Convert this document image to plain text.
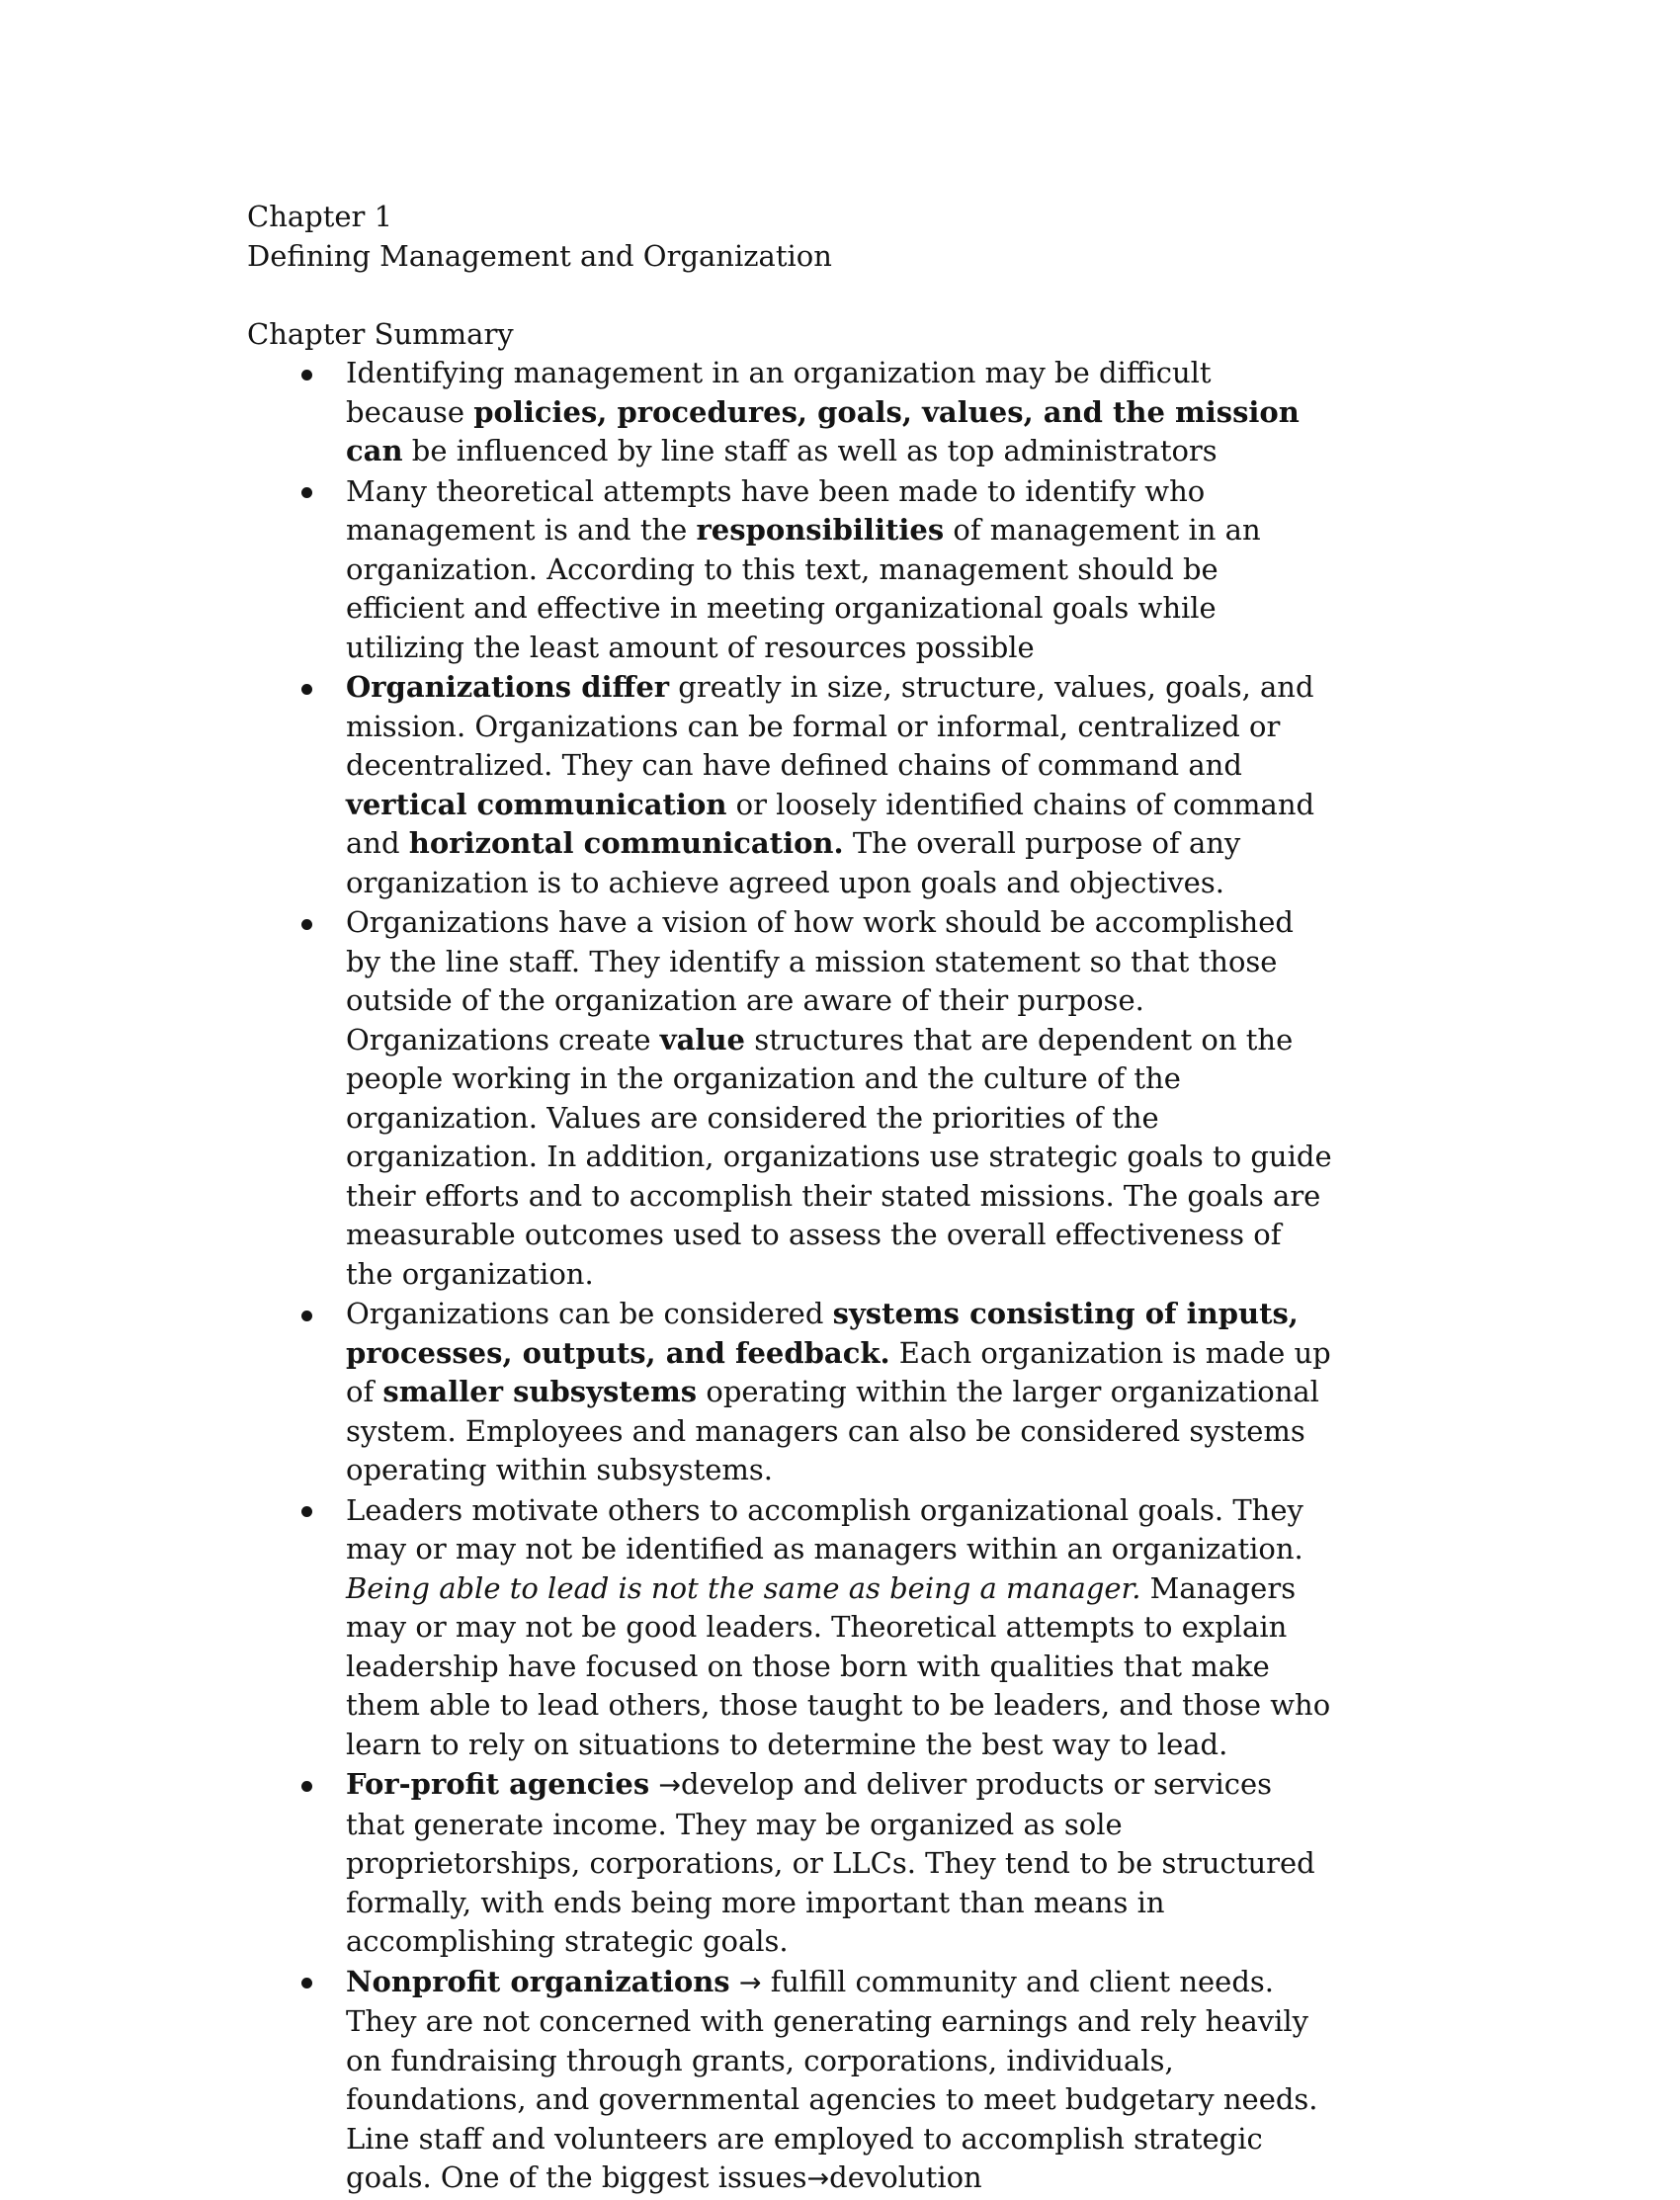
Chapter 1

Defining Management and Organization

Chapter Summary

Identifying management in an organization may be difficult because policies, procedures, goals, values, and the mission can be influenced by line staff as well as top administrators
Many theoretical attempts have been made to identify who management is and the responsibilities of management in an organization. According to this text, management should be efficient and effective in meeting organizational goals while utilizing the least amount of resources possible
Organizations differ greatly in size, structure, values, goals, and mission. Organizations can be formal or informal, centralized or decentralized. They can have defined chains of command and vertical communication or loosely identified chains of command and horizontal communication. The overall purpose of any organization is to achieve agreed upon goals and objectives.
Organizations have a vision of how work should be accomplished by the line staff. They identify a mission statement so that those outside of the organization are aware of their purpose. Organizations create value structures that are dependent on the people working in the organization and the culture of the organization. Values are considered the priorities of the organization. In addition, organizations use strategic goals to guide their efforts and to accomplish their stated missions. The goals are measurable outcomes used to assess the overall effectiveness of the organization.
Organizations can be considered systems consisting of inputs, processes, outputs, and feedback. Each organization is made up of smaller subsystems operating within the larger organizational system. Employees and managers can also be considered systems operating within subsystems.
Leaders motivate others to accomplish organizational goals. They may or may not be identified as managers within an organization. Being able to lead is not the same as being a manager. Managers may or may not be good leaders. Theoretical attempts to explain leadership have focused on those born with qualities that make them able to lead others, those taught to be leaders, and those who learn to rely on situations to determine the best way to lead.
For-profit agencies →develop and deliver products or services that generate income. They may be organized as sole proprietorships, corporations, or LLCs. They tend to be structured formally, with ends being more important than means in accomplishing strategic goals.
Nonprofit organizations → fulfill community and client needs. They are not concerned with generating earnings and rely heavily on fundraising through grants, corporations, individuals, foundations, and governmental agencies to meet budgetary needs. Line staff and volunteers are employed to accomplish strategic goals. One of the biggest issues→devolution
